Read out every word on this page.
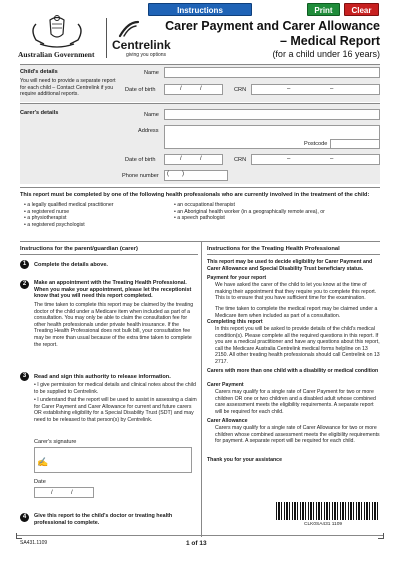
Instructions	Print	Clear
Australian Government
Centrelink
giving you options
Carer Payment and Carer Allowance
– Medical Report
(for a child under 16 years)
Child's details
You will need to provide a separate report for each child – Contact Centrelink if you require additional reports.
Name
Date of birth	/	/	CRN	–	–
Carer's details	Name
Address
Postcode
Date of birth	/	/	CRN	–	–
Phone number ( )
This report must be completed by one of the following health professionals who are currently involved in the treatment of the child:
• a legally qualified medical practitioner
• a registered nurse
• a physiotherapist
• a registered psychologist
• an occupational therapist
• an Aboriginal health worker (in a geographically remote area), or
• a speech pathologist
Instructions for the parent/guardian (carer)
1	Complete the details above.
2	Make an appointment with the Treating Health Professional. When you make your appointment, please let the receptionist know that you will need this report completed.
The time taken to complete this report may be claimed by the treating doctor of the child under a Medicare item when included as part of a consultation. You may only be able to claim the consultation fee for other health professionals under private health insurance. If the Treating Health Professional does not bulk bill, your consultation fee may be more than usual because of the extra time taken to complete the report.
3	Read and sign this authority to release information.
• I give permission for medical details and clinical notes about the child to be supplied to Centrelink.
• I understand that the report will be used to assist in assessing a claim for Carer Payment and Carer Allowance for current and future carers OR establishing eligibility for a Special Disability Trust (SDT) and may need to be released to that person(s) by Centrelink.
Carer's signature
✍
Date
/	/
4	Give this report to the child's doctor or treating health professional to complete.
Instructions for the Treating Health Professional
This report may be used to decide eligibility for Carer Payment and Carer Allowance and Special Disability Trust beneficiary status.
Payment for your report
We have asked the carer of the child to let you know at the time of making their appointment that they require you to complete this report. This is to ensure that you have sufficient time for the examination.
The time taken to complete the medical report may be claimed under a Medicare item when included as part of a consultation.
Completing this report
In this report you will be asked to provide details of the child's medical condition(s). Please complete all the required questions in this report. If you are a medical practitioner and have any questions about this report, call the Medicare Australia Centrelink medical forms helpline on 13 2150. All other treating health professionals should call Centrelink on 13 2717.
Carers with more than one child with a disability or medical condition
Carer Payment
Carers may qualify for a single rate of Carer Payment for two or more children OR one or two children and a disabled adult whose combined care assessment meets the eligibility requirements. A separate report will be required for each child.
Carer Allowance
Carers may qualify for a single rate of Carer Allowance for two or more children whose combined assessment meets the eligibility requirements for payment. A separate report will be required for each child.
Thank you for your assistance
CLK0SA431 1109
SA431.1109	1 of 13
